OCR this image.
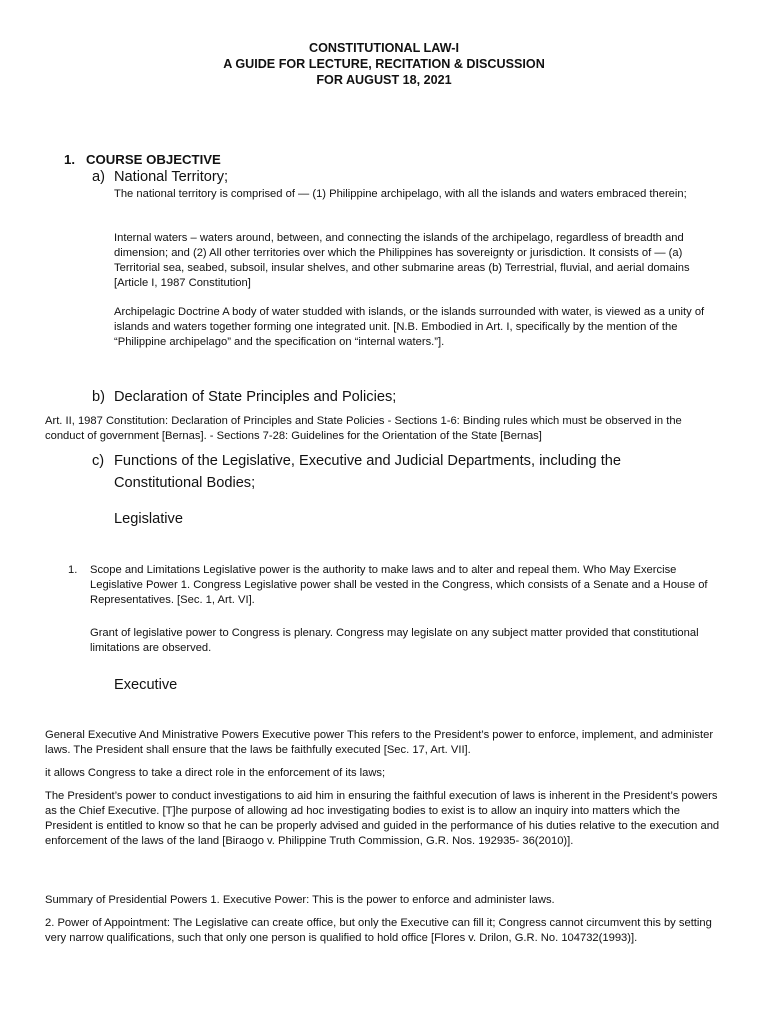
CONSTITUTIONAL LAW-I
A GUIDE FOR LECTURE, RECITATION & DISCUSSION
FOR AUGUST 18, 2021
1. COURSE OBJECTIVE
a) National Territory;

The national territory is comprised of — (1) Philippine archipelago, with all the islands and waters embraced therein;

Internal waters – waters around, between, and connecting the islands of the archipelago, regardless of breadth and dimension; and (2) All other territories over which the Philippines has sovereignty or jurisdiction. It consists of — (a) Territorial sea, seabed, subsoil, insular shelves, and other submarine areas (b) Terrestrial, fluvial, and aerial domains [Article I, 1987 Constitution]

Archipelagic Doctrine A body of water studded with islands, or the islands surrounded with water, is viewed as a unity of islands and waters together forming one integrated unit. [N.B. Embodied in Art. I, specifically by the mention of the “Philippine archipelago” and the specification on “internal waters.”].

b) Declaration of State Principles and Policies;

Art. II, 1987 Constitution: Declaration of Principles and State Policies - Sections 1-6: Binding rules which must be observed in the conduct of government [Bernas]. - Sections 7-28: Guidelines for the Orientation of the State [Bernas]

c) Functions of the Legislative, Executive and Judicial Departments, including the Constitutional Bodies;
Legislative
1. Scope and Limitations Legislative power is the authority to make laws and to alter and repeal them. Who May Exercise Legislative Power 1. Congress Legislative power shall be vested in the Congress, which consists of a Senate and a House of Representatives. [Sec. 1, Art. VI].

Grant of legislative power to Congress is plenary. Congress may legislate on any subject matter provided that constitutional limitations are observed.

Executive

General Executive And Ministrative Powers Executive power This refers to the President’s power to enforce, implement, and administer laws. The President shall ensure that the laws be faithfully executed [Sec. 17, Art. VII].

it allows Congress to take a direct role in the enforcement of its laws;

The President’s power to conduct investigations to aid him in ensuring the faithful execution of laws is inherent in the President’s powers as the Chief Executive. [T]he purpose of allowing ad hoc investigating bodies to exist is to allow an inquiry into matters which the President is entitled to know so that he can be properly advised and guided in the performance of his duties relative to the execution and enforcement of the laws of the land [Biraogo v. Philippine Truth Commission, G.R. Nos. 192935- 36(2010)].

Summary of Presidential Powers 1. Executive Power: This is the power to enforce and administer laws.

2. Power of Appointment: The Legislative can create office, but only the Executive can fill it; Congress cannot circumvent this by setting very narrow qualifications, such that only one person is qualified to hold office [Flores v. Drilon, G.R. No. 104732(1993)].
